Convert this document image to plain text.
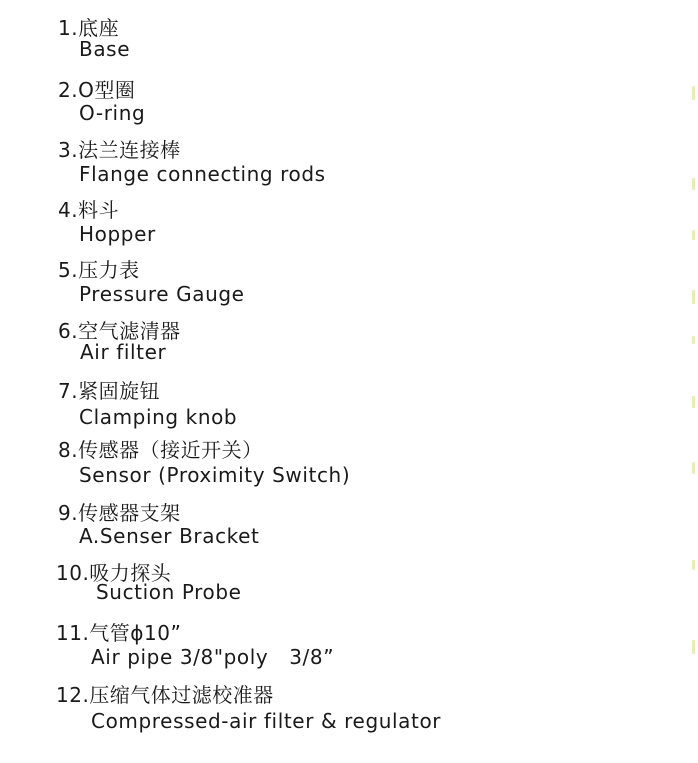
1.底座
Base
2.O型圈
O-ring
3.法兰连接棒
Flange connecting rods
4.料斗
Hopper
5.压力表
Pressure Gauge
6.空气滤清器
Air filter
7.紧固旋钮
Clamping knob
8.传感器（接近开关）
Sensor (Proximity Switch)
9.传感器支架
A.Senser Bracket
10.吸力探头
Suction Probe
11.气管ϕ10”
Air pipe 3/8"poly   3/8”
12.压缩气体过滤校准器
Compressed-air filter & regulator
